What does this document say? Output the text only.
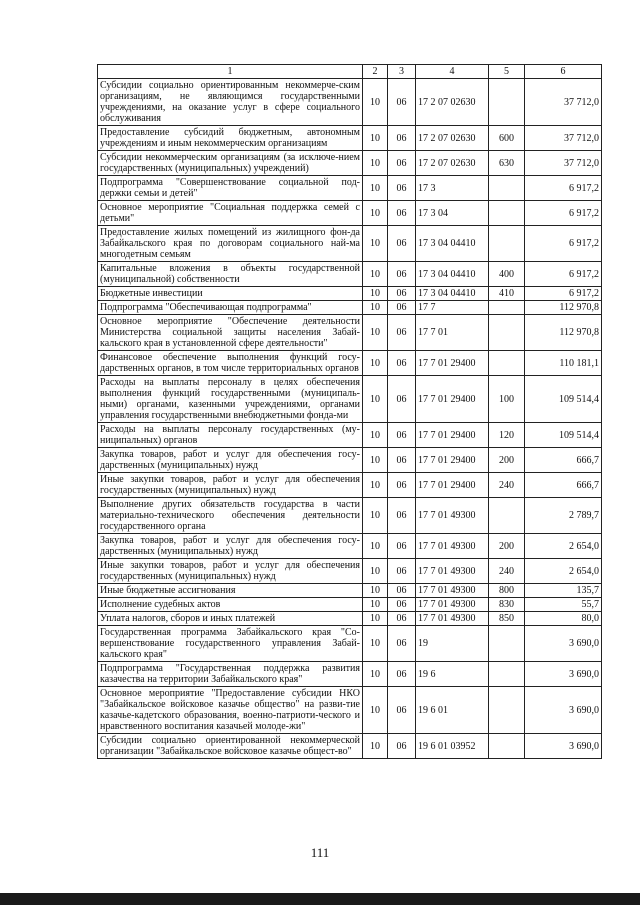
1	2	3	4	5	6
Субсидии социально ориентированным некоммерче-ским организациям, не являющимся государственными учреждениями, на оказание услуг в сфере социального обслуживания	10	06	17 2 07 02630		37 712,0
Предоставление субсидий бюджетным, автономным учреждениям и иным некоммерческим организациям	10	06	17 2 07 02630	600	37 712,0
Субсидии некоммерческим организациям (за исключе-нием государственных (муниципальных) учреждений)	10	06	17 2 07 02630	630	37 712,0
Подпрограмма "Совершенствование социальной под-держки семьи и детей"	10	06	17 3		6 917,2
Основное мероприятие "Социальная поддержка семей с детьми"	10	06	17 3 04		6 917,2
Предоставление жилых помещений из жилищного фон-да Забайкальского края по договорам социального най-ма многодетным семьям	10	06	17 3 04 04410		6 917,2
Капитальные вложения в объекты государственной (муниципальной) собственности	10	06	17 3 04 04410	400	6 917,2
Бюджетные инвестиции	10	06	17 3 04 04410	410	6 917,2
Подпрограмма "Обеспечивающая подпрограмма"	10	06	17 7		112 970,8
Основное мероприятие "Обеспечение деятельности Министерства социальной защиты населения Забай-кальского края в установленной сфере деятельности"	10	06	17 7 01		112 970,8
Финансовое обеспечение выполнения функций госу-дарственных органов, в том числе территориальных органов	10	06	17 7 01 29400		110 181,1
Расходы на выплаты персоналу в целях обеспечения выполнения функций государственными (муниципаль-ными) органами, казенными учреждениями, органами управления государственными внебюджетными фонда-ми	10	06	17 7 01 29400	100	109 514,4
Расходы на выплаты персоналу государственных (му-ниципальных) органов	10	06	17 7 01 29400	120	109 514,4
Закупка товаров, работ и услуг для обеспечения госу-дарственных (муниципальных) нужд	10	06	17 7 01 29400	200	666,7
Иные закупки товаров, работ и услуг для обеспечения государственных (муниципальных) нужд	10	06	17 7 01 29400	240	666,7
Выполнение других обязательств государства в части материально-технического обеспечения деятельности государственного органа	10	06	17 7 01 49300		2 789,7
Закупка товаров, работ и услуг для обеспечения госу-дарственных (муниципальных) нужд	10	06	17 7 01 49300	200	2 654,0
Иные закупки товаров, работ и услуг для обеспечения государственных (муниципальных) нужд	10	06	17 7 01 49300	240	2 654,0
Иные бюджетные ассигнования	10	06	17 7 01 49300	800	135,7
Исполнение судебных актов	10	06	17 7 01 49300	830	55,7
Уплата налогов, сборов и иных платежей	10	06	17 7 01 49300	850	80,0
Государственная программа Забайкальского края "Со-вершенствование государственного управления Забай-кальского края"	10	06	19		3 690,0
Подпрограмма "Государственная поддержка развития казачества на территории Забайкальского края"	10	06	19 6		3 690,0
Основное мероприятие "Предоставление субсидии НКО "Забайкальское войсковое казачье общество" на разви-тие казачье-кадетского образования, военно-патриоти-ческого и нравственного воспитания казачьей молоде-жи"	10	06	19 6 01		3 690,0
Субсидии социально ориентированной некоммерческой организации "Забайкальское войсковое казачье общест-во"	10	06	19 6 01 03952		3 690,0
111
